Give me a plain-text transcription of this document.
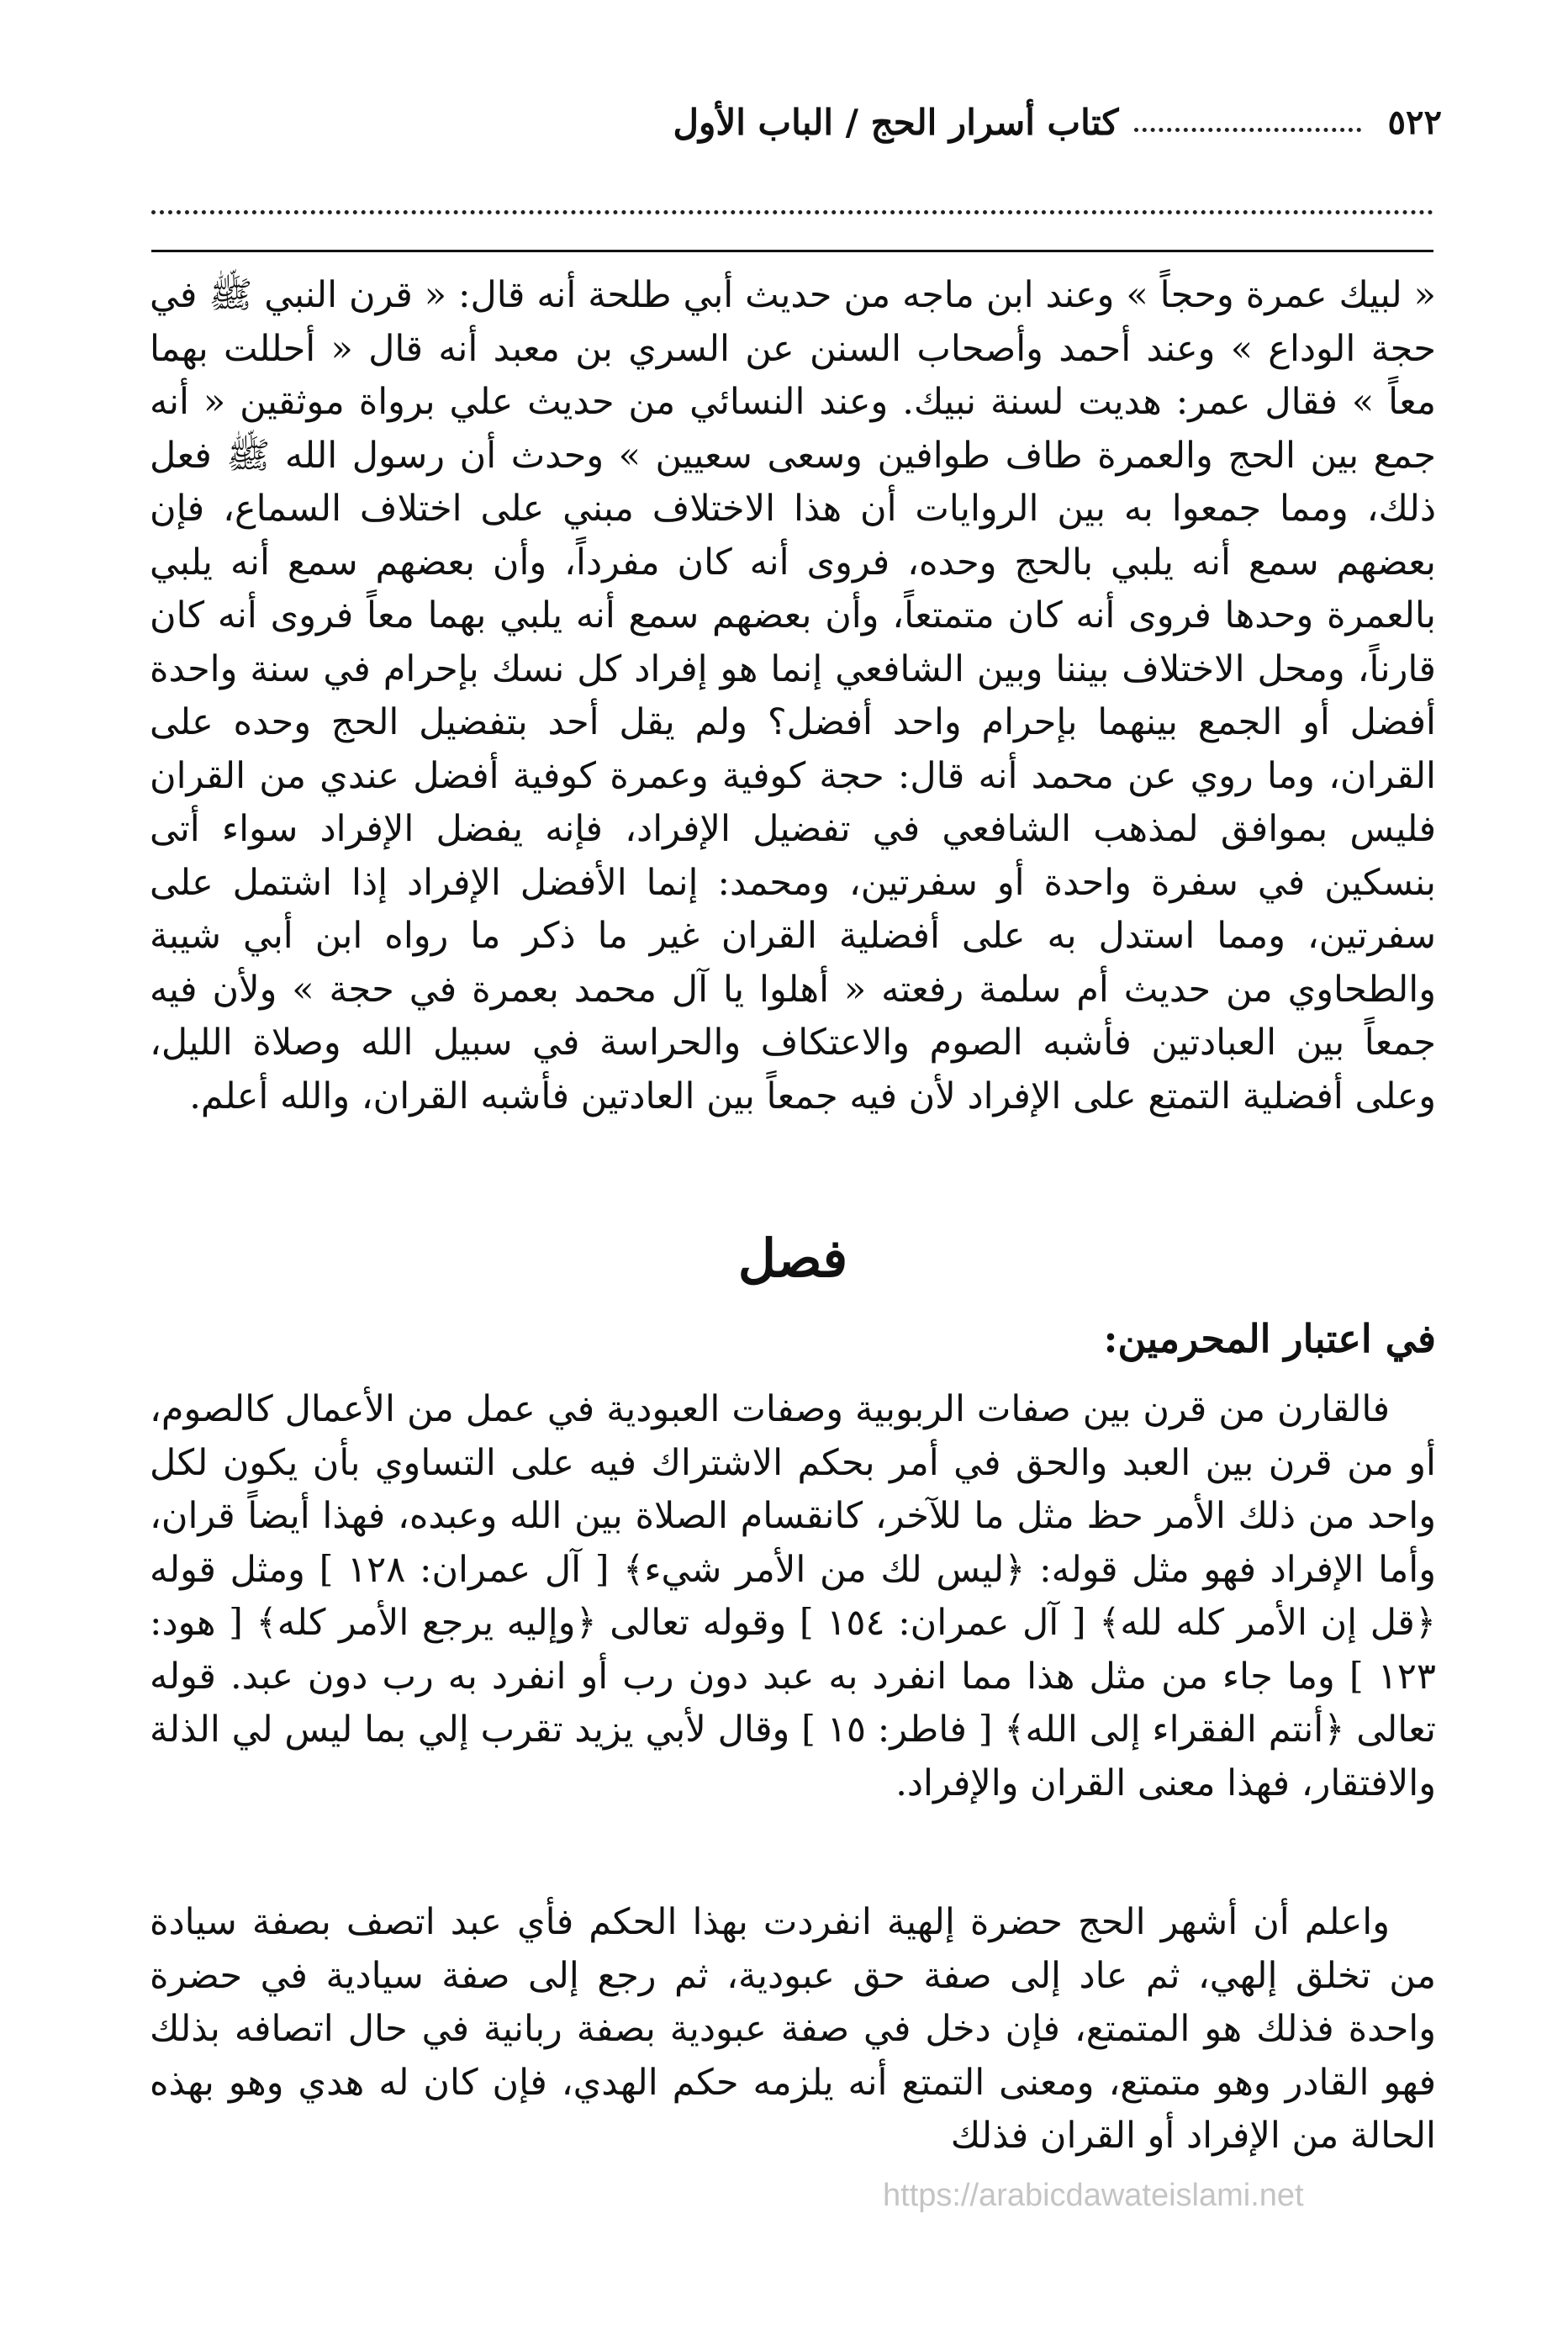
٥٢٢
كتاب أسرار الحج / الباب الأول

« لبيك عمرة وحجاً » وعند ابن ماجه من حديث أبي طلحة أنه قال: « قرن النبي ﷺ في حجة الوداع » وعند أحمد وأصحاب السنن عن السري بن معبد أنه قال « أحللت بهما معاً » فقال عمر: هديت لسنة نبيك. وعند النسائي من حديث علي برواة موثقين « أنه جمع بين الحج والعمرة طاف طوافين وسعى سعيين » وحدث أن رسول الله ﷺ فعل ذلك، ومما جمعوا به بين الروايات أن هذا الاختلاف مبني على اختلاف السماع، فإن بعضهم سمع أنه يلبي بالحج وحده، فروى أنه كان مفرداً، وأن بعضهم سمع أنه يلبي بالعمرة وحدها فروى أنه كان متمتعاً، وأن بعضهم سمع أنه يلبي بهما معاً فروى أنه كان قارناً، ومحل الاختلاف بيننا وبين الشافعي إنما هو إفراد كل نسك بإحرام في سنة واحدة أفضل أو الجمع بينهما بإحرام واحد أفضل؟ ولم يقل أحد بتفضيل الحج وحده على القران، وما روي عن محمد أنه قال: حجة كوفية وعمرة كوفية أفضل عندي من القران فليس بموافق لمذهب الشافعي في تفضيل الإفراد، فإنه يفضل الإفراد سواء أتى بنسكين في سفرة واحدة أو سفرتين، ومحمد: إنما الأفضل الإفراد إذا اشتمل على سفرتين، ومما استدل به على أفضلية القران غير ما ذكر ما رواه ابن أبي شيبة والطحاوي من حديث أم سلمة رفعته « أهلوا يا آل محمد بعمرة في حجة » ولأن فيه جمعاً بين العبادتين فأشبه الصوم والاعتكاف والحراسة في سبيل الله وصلاة الليل، وعلى أفضلية التمتع على الإفراد لأن فيه جمعاً بين العادتين فأشبه القران، والله أعلم.

فصل
في اعتبار المحرمين:

فالقارن من قرن بين صفات الربوبية وصفات العبودية في عمل من الأعمال كالصوم، أو من قرن بين العبد والحق في أمر بحكم الاشتراك فيه على التساوي بأن يكون لكل واحد من ذلك الأمر حظ مثل ما للآخر، كانقسام الصلاة بين الله وعبده، فهذا أيضاً قران، وأما الإفراد فهو مثل قوله: ﴿ليس لك من الأمر شيء﴾ [ آل عمران: ١٢٨ ] ومثل قوله ﴿قل إن الأمر كله لله﴾ [ آل عمران: ١٥٤ ] وقوله تعالى ﴿وإليه يرجع الأمر كله﴾ [ هود: ١٢٣ ] وما جاء من مثل هذا مما انفرد به عبد دون رب أو انفرد به رب دون عبد. قوله تعالى ﴿أنتم الفقراء إلى الله﴾ [ فاطر: ١٥ ] وقال لأبي يزيد تقرب إلي بما ليس لي الذلة والافتقار، فهذا معنى القران والإفراد.

واعلم أن أشهر الحج حضرة إلهية انفردت بهذا الحكم فأي عبد اتصف بصفة سيادة من تخلق إلهي، ثم عاد إلى صفة حق عبودية، ثم رجع إلى صفة سيادية في حضرة واحدة فذلك هو المتمتع، فإن دخل في صفة عبودية بصفة ربانية في حال اتصافه بذلك فهو القادر وهو متمتع، ومعنى التمتع أنه يلزمه حكم الهدي، فإن كان له هدي وهو بهذه الحالة من الإفراد أو القران فذلك

https://arabicdawateislami.net
